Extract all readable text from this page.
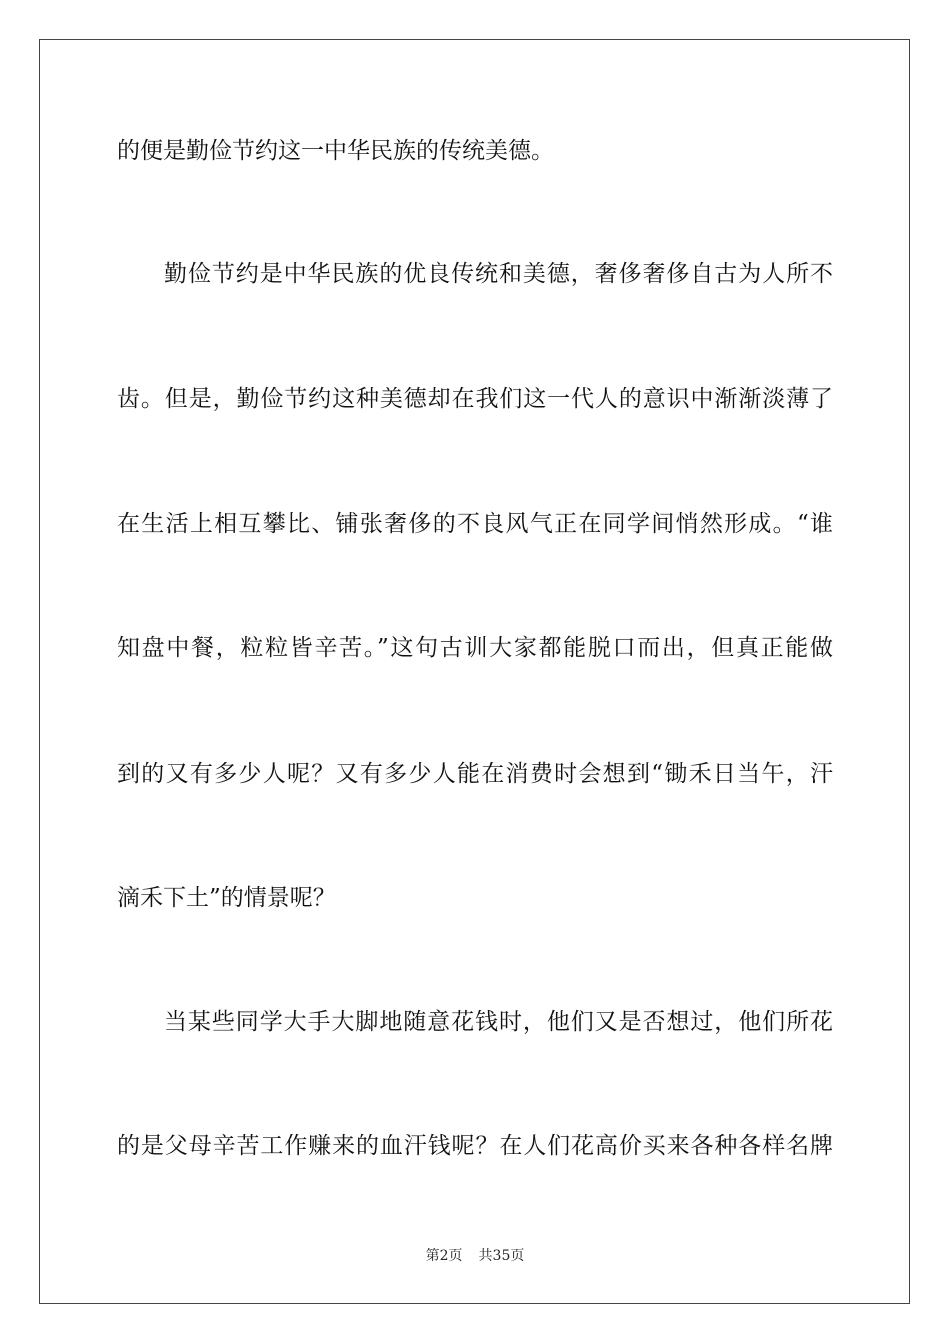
的便是勤俭节约这一中华民族的传统美德。
勤俭节约是中华民族的优良传统和美德，奢侈奢侈自古为人所不
齿。但是，勤俭节约这种美德却在我们这一代人的意识中渐渐淡薄了
在生活上相互攀比、铺张奢侈的不良风气正在同学间悄然形成。“谁
知盘中餐，粒粒皆辛苦。”这句古训大家都能脱口而出，但真正能做
到的又有多少人呢？又有多少人能在消费时会想到“锄禾日当午，汗
滴禾下土”的情景呢？
当某些同学大手大脚地随意花钱时，他们又是否想过，他们所花
的是父母辛苦工作赚来的血汗钱呢？在人们花高价买来各种各样名牌
第2页 共35页
